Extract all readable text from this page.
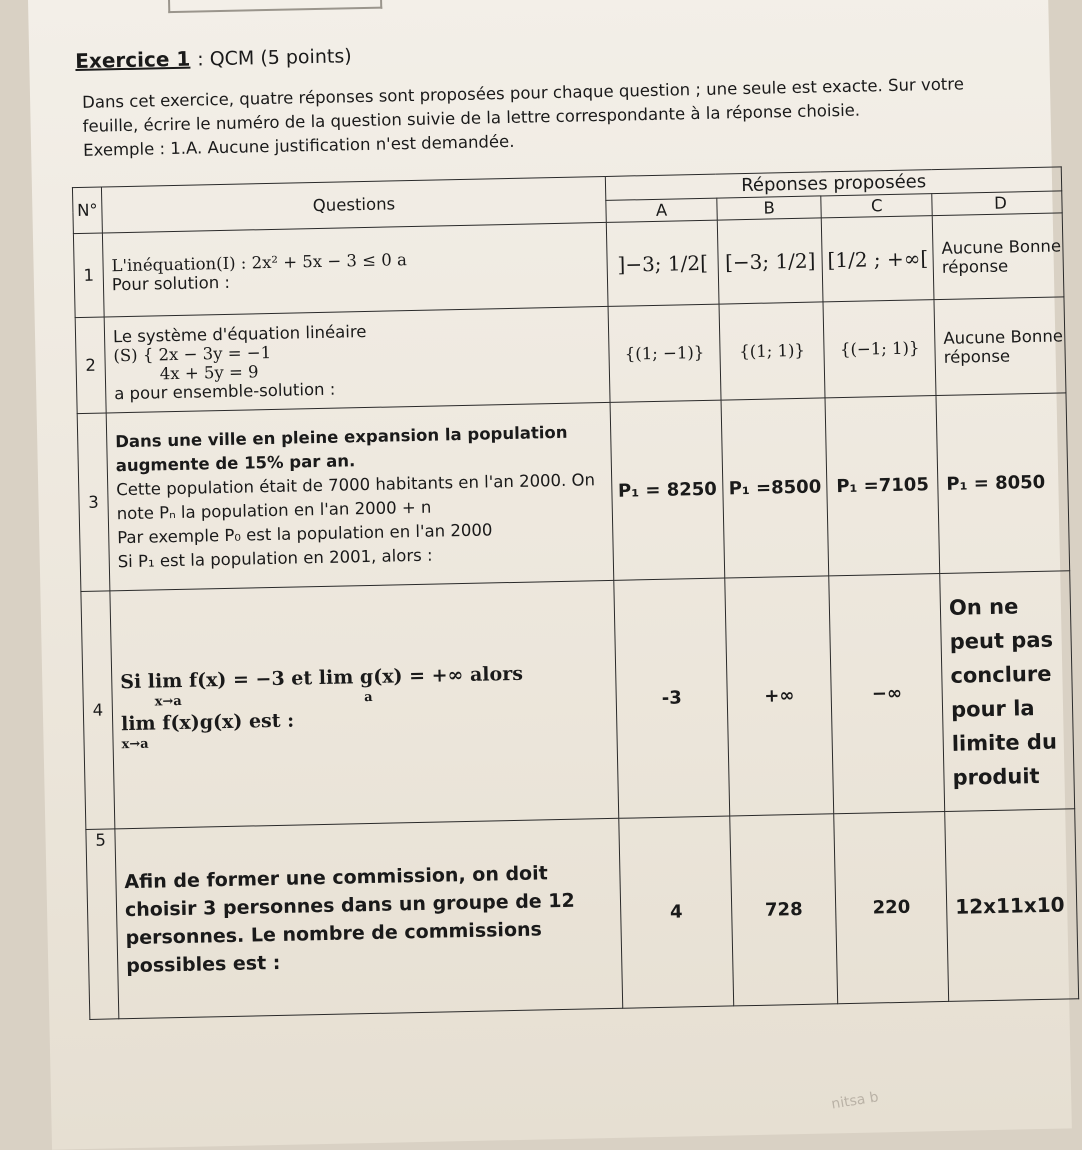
Exercice 1 : QCM (5 points)
Dans cet exercice, quatre réponses sont proposées pour chaque question ; une seule est exacte. Sur votre feuille, écrire le numéro de la question suivie de la lettre correspondante à la réponse choisie.
Exemple : 1.A. Aucune justification n'est demandée.
N°	Questions	Réponses proposées			
		A	B	C	D
1	L'inéquation(I) : 2x² + 5x − 3 ≤ 0 a
Pour solution :	]−3; 1/2[	[−3; 1/2]	[1/2 ; +∞[	Aucune Bonne réponse
2	Le système d'équation linéaire
(S) { 2x − 3y = −1
4x + 5y = 9
a pour ensemble-solution :	{(1; −1)}	{(1; 1)}	{(−1; 1)}	Aucune Bonne réponse
3	Dans une ville en pleine expansion la population augmente de 15% par an.
Cette population était de 7000 habitants en l'an 2000. On note Pₙ la population en l'an 2000 + n
Par exemple P₀ est la population en l'an 2000
Si P₁ est la population en 2001, alors :	P₁ = 8250	P₁ =8500	P₁ =7105	P₁ = 8050
4	Si lim f(x) = −3 et lim g(x) = +∞ alors
x→a a
lim f(x)g(x) est :
x→a	-3	+∞	−∞	On ne peut pas conclure pour la limite du produit
5	Afin de former une commission, on doit choisir 3 personnes dans un groupe de 12 personnes. Le nombre de commissions possibles est :	4	728	220	12x11x10
nitsa b
